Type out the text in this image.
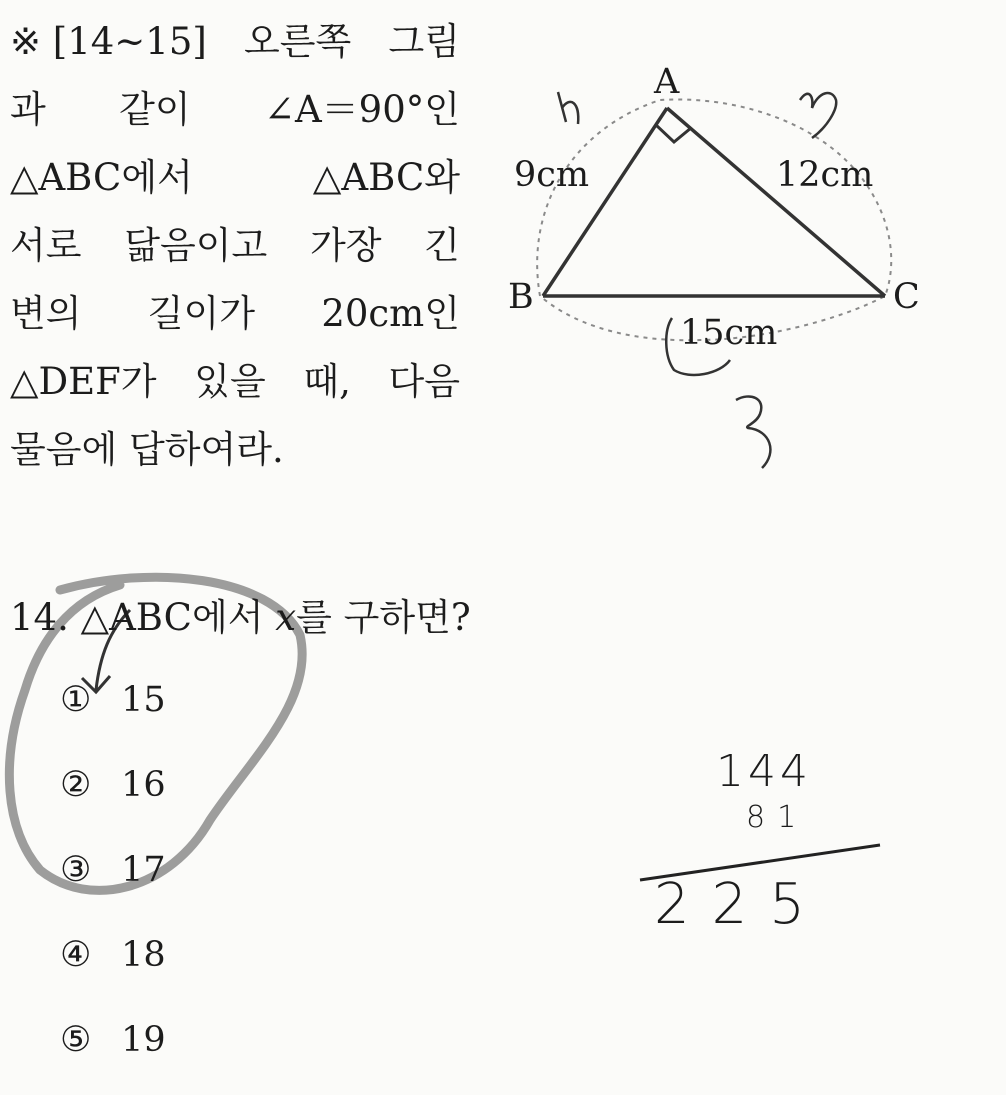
※ [14~15] 오른쪽 그림
과 같이 ∠A＝90°인
△ABC에서	△ABC와
서로 닮음이고 가장 긴
변의 길이가 20cm인
△DEF가 있을 때, 다음
물음에 답하여라.
A
B	C
9cm	12cm
15cm
14. △ABC에서 x를 구하면?
① 15
② 16
③ 17
④ 18
⑤ 19
144
81
225
